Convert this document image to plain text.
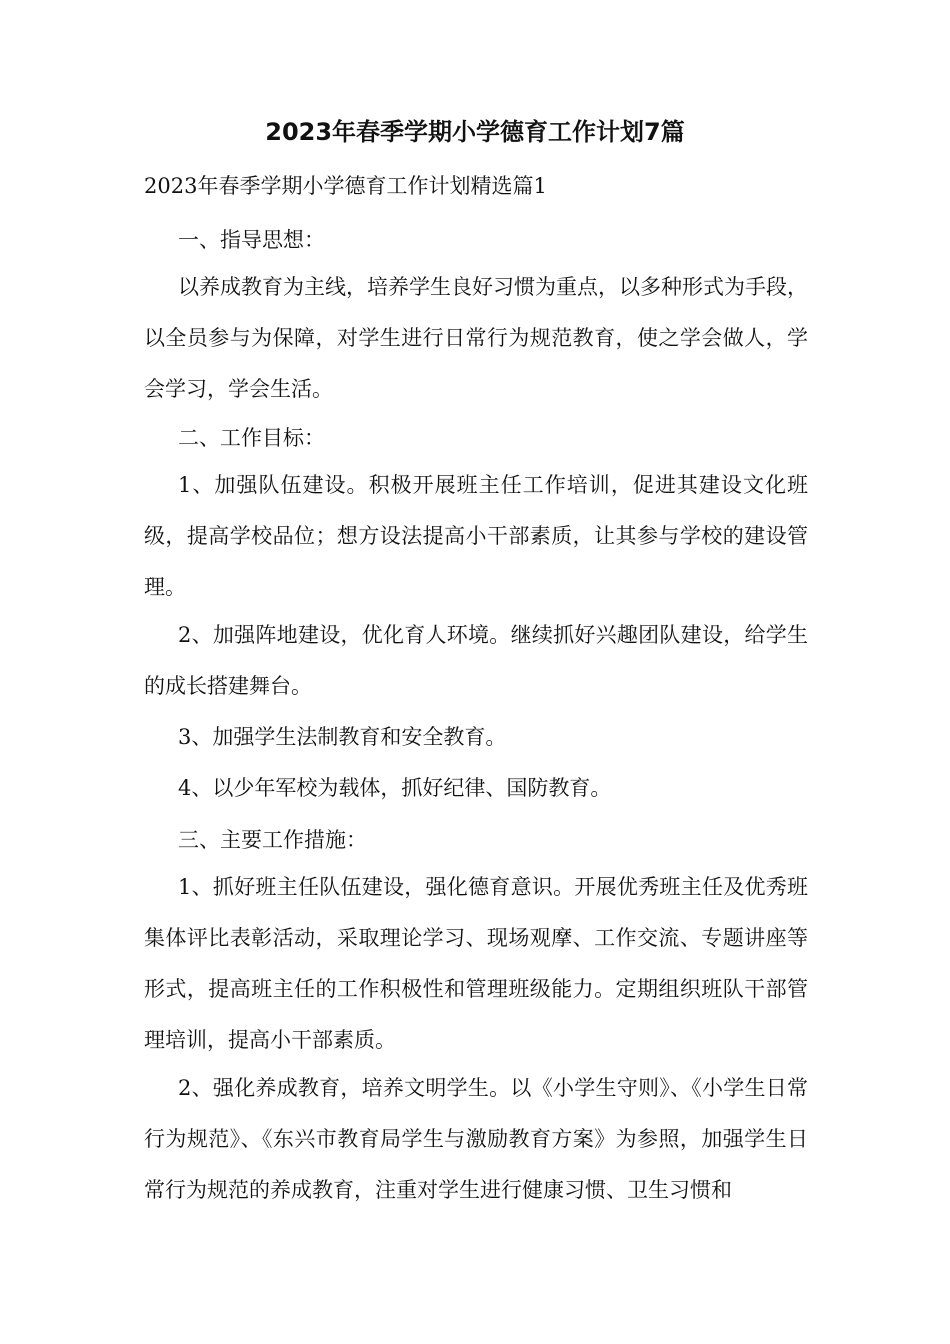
2023年春季学期小学德育工作计划7篇

2023年春季学期小学德育工作计划精选篇1

一、指导思想：

以养成教育为主线，培养学生良好习惯为重点，以多种形式为手段，以全员参与为保障，对学生进行日常行为规范教育，使之学会做人，学会学习，学会生活。

二、工作目标：

1、加强队伍建设。积极开展班主任工作培训，促进其建设文化班级，提高学校品位；想方设法提高小干部素质，让其参与学校的建设管理。

2、加强阵地建设，优化育人环境。继续抓好兴趣团队建设，给学生的成长搭建舞台。

3、加强学生法制教育和安全教育。

4、以少年军校为载体，抓好纪律、国防教育。

三、主要工作措施：

1、抓好班主任队伍建设，强化德育意识。开展优秀班主任及优秀班集体评比表彰活动，采取理论学习、现场观摩、工作交流、专题讲座等形式，提高班主任的工作积极性和管理班级能力。定期组织班队干部管理培训，提高小干部素质。

2、强化养成教育，培养文明学生。以《小学生守则》、《小学生日常行为规范》、《东兴市教育局学生与激励教育方案》为参照，加强学生日常行为规范的养成教育，注重对学生进行健康习惯、卫生习惯和
